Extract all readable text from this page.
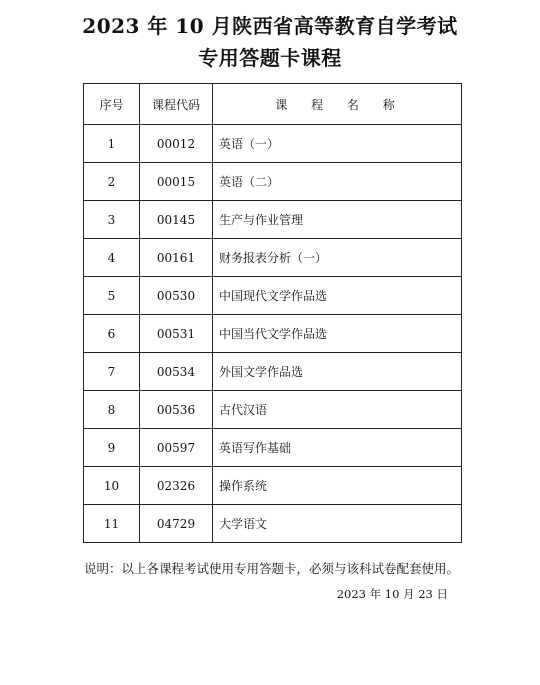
2023 年 10 月陕西省高等教育自学考试
专用答题卡课程
序号	课程代码	课 程 名 称
1	00012	英语（一）
2	00015	英语（二）
3	00145	生产与作业管理
4	00161	财务报表分析（一）
5	00530	中国现代文学作品选
6	00531	中国当代文学作品选
7	00534	外国文学作品选
8	00536	古代汉语
9	00597	英语写作基础
10	02326	操作系统
11	04729	大学语文
说明：以上各课程考试使用专用答题卡，必须与该科试卷配套使用。
2023 年 10 月 23 日
